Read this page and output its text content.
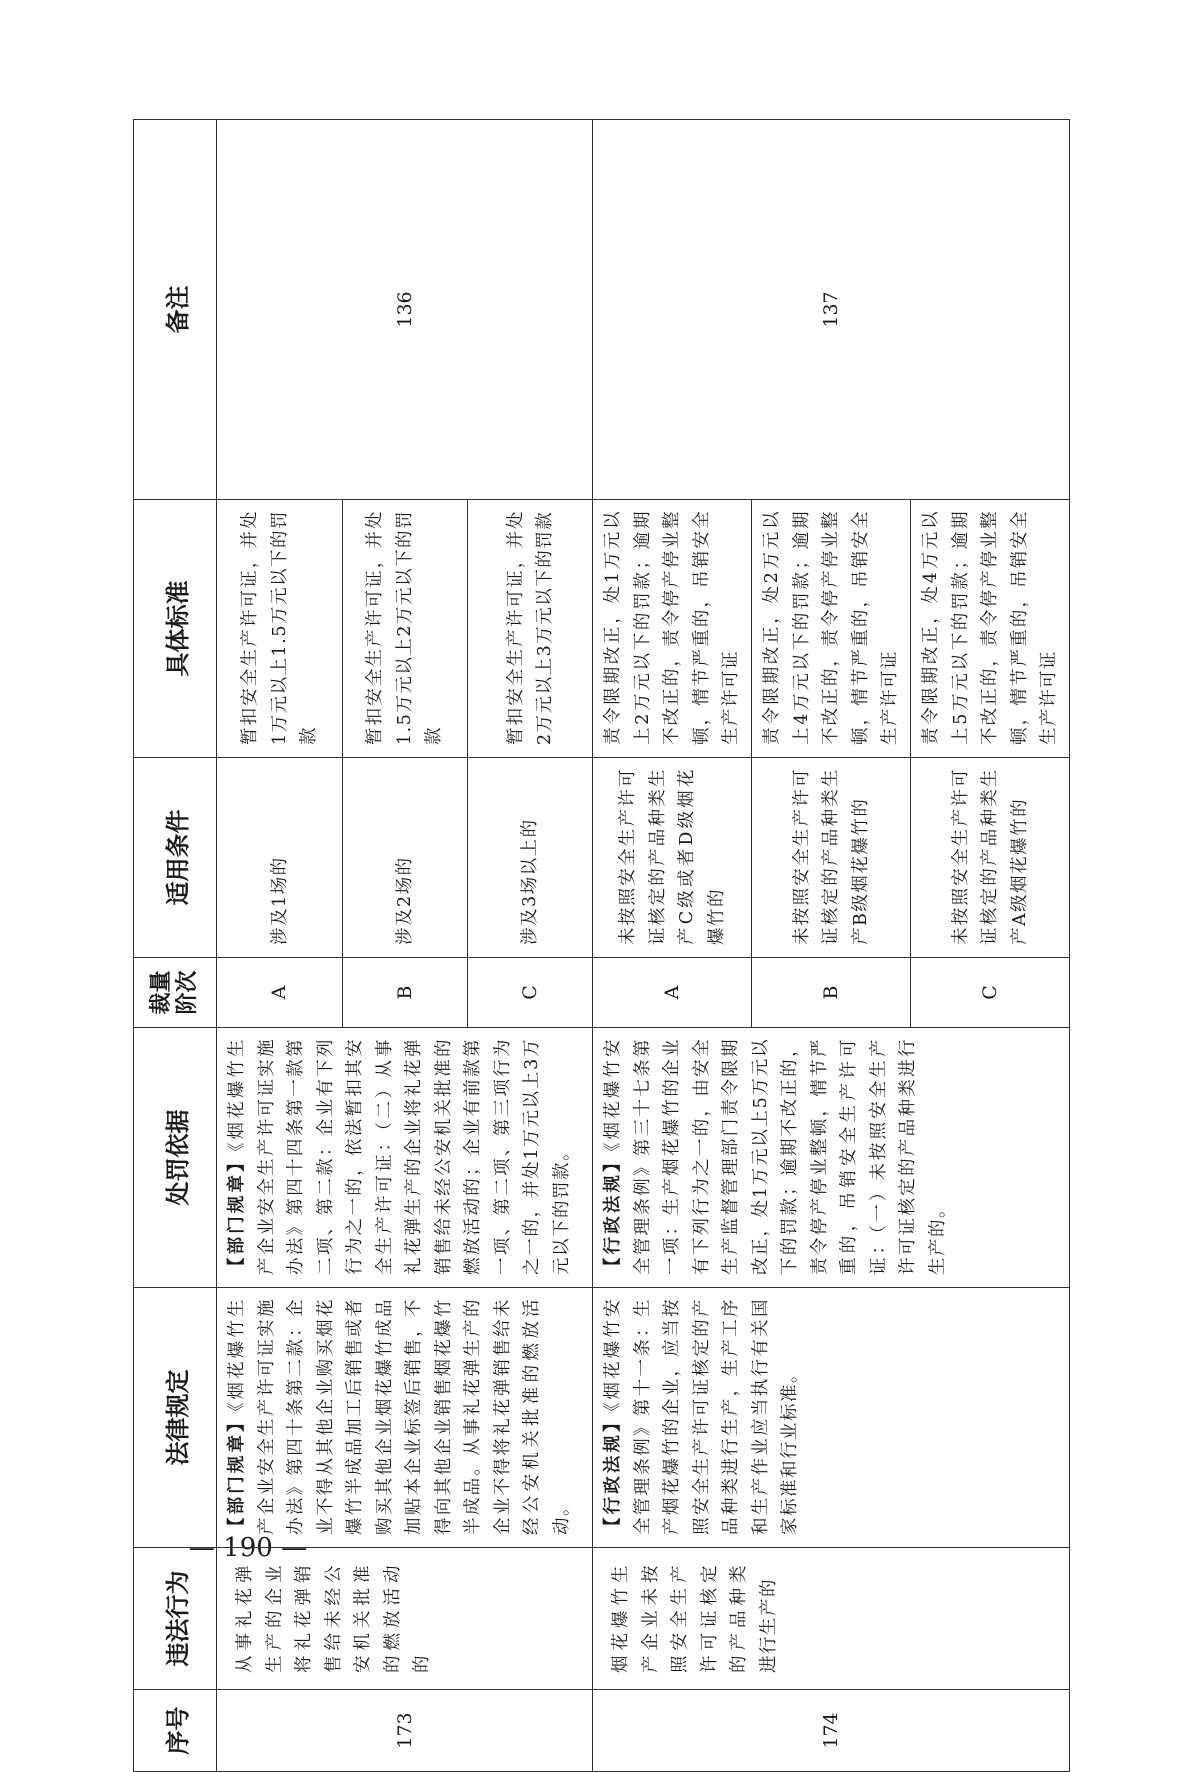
— 190 —
序号	违法行为	法律规定	处罚依据	裁量阶次	适用条件	具体标准	备注
173	从事礼花弹生产的企业将礼花弹销售给未经公安机关批准的燃放活动的	【部门规章】《烟花爆竹生产企业安全生产许可证实施办法》第四十条第二款：企业不得从其他企业购买烟花爆竹半成品加工后销售或者购买其他企业烟花爆竹成品加贴本企业标签后销售，不得向其他企业销售烟花爆竹半成品。从事礼花弹生产的企业不得将礼花弹销售给未经公安机关批准的燃放活动。	【部门规章】《烟花爆竹生产企业安全生产许可证实施办法》第四十四条第一款第二项、第二款：企业有下列行为之一的，依法暂扣其安全生产许可证：（二）从事礼花弹生产的企业将礼花弹销售给未经公安机关批准的燃放活动的；企业有前款第一项、第二项、第三项行为之一的，并处1万元以上3万元以下的罚款。	A	涉及1场的	暂扣安全生产许可证，并处1万元以上1.5万元以下的罚款	136
				B	涉及2场的	暂扣安全生产许可证，并处1.5万元以上2万元以下的罚款	
				C	涉及3场以上的	暂扣安全生产许可证，并处2万元以上3万元以下的罚款	
174	烟花爆竹生产企业未按照安全生产许可证核定的产品种类进行生产的	【行政法规】《烟花爆竹安全管理条例》第十一条：生产烟花爆竹的企业，应当按照安全生产许可证核定的产品种类进行生产，生产工序和生产作业应当执行有关国家标准和行业标准。	【行政法规】《烟花爆竹安全管理条例》第三十七条第一项：生产烟花爆竹的企业有下列行为之一的，由安全生产监督管理部门责令限期改正，处1万元以上5万元以下的罚款；逾期不改正的，责令停产停业整顿，情节严重的，吊销安全生产许可证：（一）未按照安全生产许可证核定的产品种类进行生产的。	A	未按照安全生产许可证核定的产品种类生产C级或者D级烟花爆竹的	责令限期改正，处1万元以上2万元以下的罚款；逾期不改正的，责令停产停业整顿，情节严重的，吊销安全生产许可证	137
				B	未按照安全生产许可证核定的产品种类生产B级烟花爆竹的	责令限期改正，处2万元以上4万元以下的罚款；逾期不改正的，责令停产停业整顿，情节严重的，吊销安全生产许可证	
				C	未按照安全生产许可证核定的产品种类生产A级烟花爆竹的	责令限期改正，处4万元以上5万元以下的罚款；逾期不改正的，责令停产停业整顿，情节严重的，吊销安全生产许可证	
